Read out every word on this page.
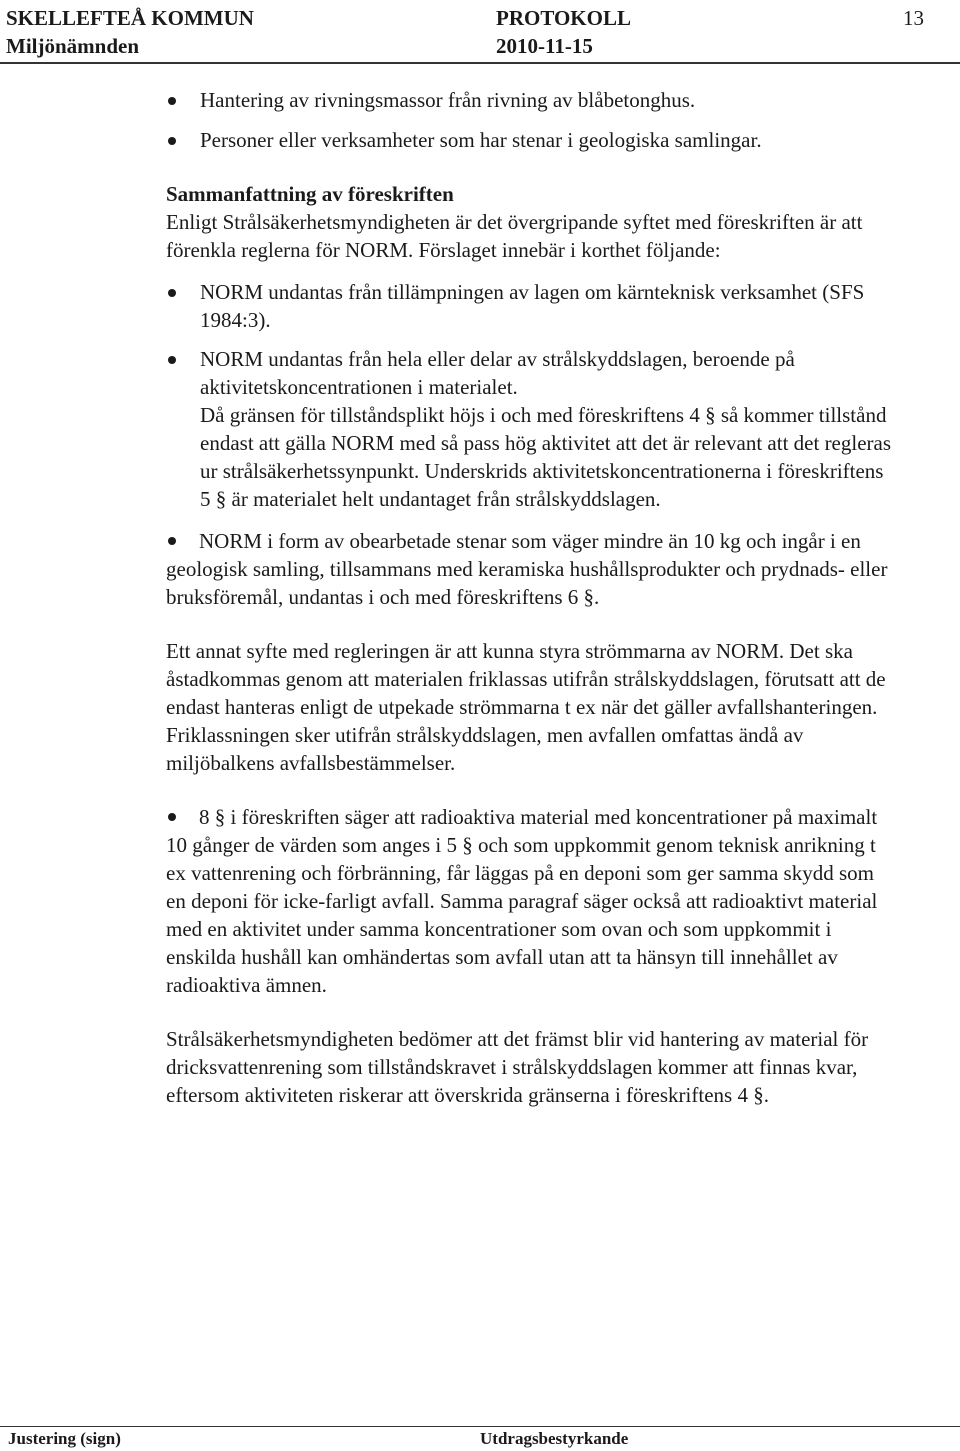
SKELLEFTEÅ KOMMUN
Miljönämnden
PROTOKOLL
2010-11-15
13

Hantering av rivningsmassor från rivning av blåbetonghus.

Personer eller verksamheter som har stenar i geologiska samlingar.

Sammanfattning av föreskriften

Enligt Strålsäkerhetsmyndigheten är det övergripande syftet med föreskriften är att förenkla reglerna för NORM. Förslaget innebär i korthet följande:

NORM undantas från tillämpningen av lagen om kärnteknisk verksamhet (SFS 1984:3).

NORM undantas från hela eller delar av strålskyddslagen, beroende på aktivitetskoncentrationen i materialet.

Då gränsen för tillståndsplikt höjs i och med föreskriftens 4 § så kommer tillstånd endast att gälla NORM med så pass hög aktivitet att det är relevant att det regleras ur strålsäkerhetssynpunkt. Underskrids aktivitetskoncentrationerna i föreskriftens 5 § är materialet helt undantaget från strålskyddslagen.

NORM i form av obearbetade stenar som väger mindre än 10 kg och ingår i en geologisk samling, tillsammans med keramiska hushållsprodukter och prydnads- eller bruksföremål, undantas i och med föreskriftens 6 §.

Ett annat syfte med regleringen är att kunna styra strömmarna av NORM. Det ska åstadkommas genom att materialen friklassas utifrån strålskyddslagen, förutsatt att de endast hanteras enligt de utpekade strömmarna t ex när det gäller avfallshanteringen. Friklassningen sker utifrån strålskyddslagen, men avfallen omfattas ändå av miljöbalkens avfallsbestämmelser.

8 § i föreskriften säger att radioaktiva material med koncentrationer på maximalt 10 gånger de värden som anges i 5 § och som uppkommit genom teknisk anrikning t ex vattenrening och förbränning, får läggas på en deponi som ger samma skydd som en deponi för icke-farligt avfall. Samma paragraf säger också att radioaktivt material med en aktivitet under samma koncentrationer som ovan och som uppkommit i enskilda hushåll kan omhändertas som avfall utan att ta hänsyn till innehållet av radioaktiva ämnen.

Strålsäkerhetsmyndigheten bedömer att det främst blir vid hantering av material för dricksvattenrening som tillståndskravet i strålskyddslagen kommer att finnas kvar, eftersom aktiviteten riskerar att överskrida gränserna i föreskriftens 4 §.

Justering (sign)	Utdragsbestyrkande
